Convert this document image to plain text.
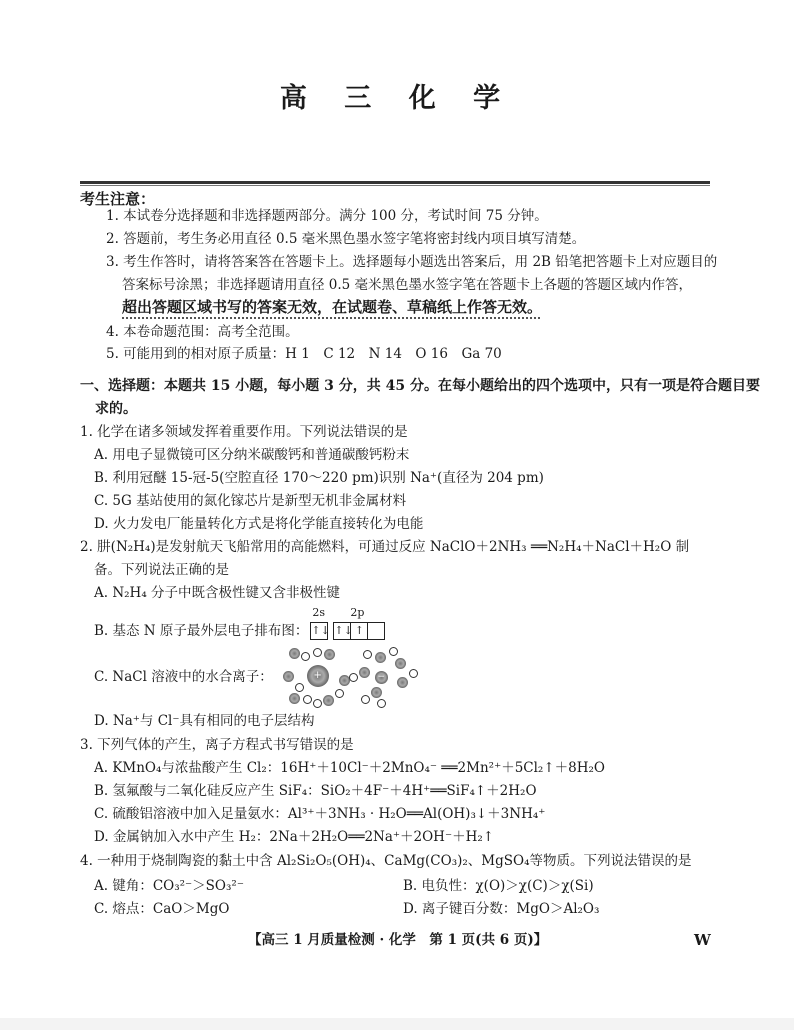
高 三 化 学
考生注意：
1. 本试卷分选择题和非选择题两部分。满分 100 分，考试时间 75 分钟。
2. 答题前，考生务必用直径 0.5 毫米黑色墨水签字笔将密封线内项目填写清楚。
3. 考生作答时，请将答案答在答题卡上。选择题每小题选出答案后，用 2B 铅笔把答题卡上对应题目的
答案标号涂黑；非选择题请用直径 0.5 毫米黑色墨水签字笔在答题卡上各题的答题区域内作答，
超出答题区域书写的答案无效，在试题卷、草稿纸上作答无效。
4. 本卷命题范围：高考全范围。
5. 可能用到的相对原子质量：H 1　C 12　N 14　O 16　Ga 70
一、选择题：本题共 15 小题，每小题 3 分，共 45 分。在每小题给出的四个选项中，只有一项是符合题目要
求的。
1. 化学在诸多领域发挥着重要作用。下列说法错误的是
A. 用电子显微镜可区分纳米碳酸钙和普通碳酸钙粉末
B. 利用冠醚 15-冠-5(空腔直径 170～220 pm)识别 Na⁺(直径为 204 pm)
C. 5G 基站使用的氮化镓芯片是新型无机非金属材料
D. 火力发电厂能量转化方式是将化学能直接转化为电能
2. 肼(N₂H₄)是发射航天飞船常用的高能燃料，可通过反应 NaClO＋2NH₃ ══N₂H₄＋NaCl＋H₂O 制
备。下列说法正确的是
A. N₂H₄ 分子中既含极性键又含非极性键
B. 基态 N 原子最外层电子排布图：
2s 2p
↑↓ ↑↓ ↑
C. NaCl 溶液中的水合离子：	+	−
D. Na⁺与 Cl⁻具有相同的电子层结构
3. 下列气体的产生，离子方程式书写错误的是
A. KMnO₄与浓盐酸产生 Cl₂：16H⁺＋10Cl⁻＋2MnO₄⁻ ══2Mn²⁺＋5Cl₂↑＋8H₂O
B. 氢氟酸与二氧化硅反应产生 SiF₄：SiO₂＋4F⁻＋4H⁺══SiF₄↑＋2H₂O
C. 硫酸铝溶液中加入足量氨水：Al³⁺＋3NH₃ · H₂O══Al(OH)₃↓＋3NH₄⁺
D. 金属钠加入水中产生 H₂：2Na＋2H₂O══2Na⁺＋2OH⁻＋H₂↑
4. 一种用于烧制陶瓷的黏土中含 Al₂Si₂O₅(OH)₄、CaMg(CO₃)₂、MgSO₄等物质。下列说法错误的是
A. 键角：CO₃²⁻＞SO₃²⁻	B. 电负性：χ(O)＞χ(C)＞χ(Si)
C. 熔点：CaO＞MgO	D. 离子键百分数：MgO＞Al₂O₃
【高三 1 月质量检测 · 化学　第 1 页(共 6 页)】	W
